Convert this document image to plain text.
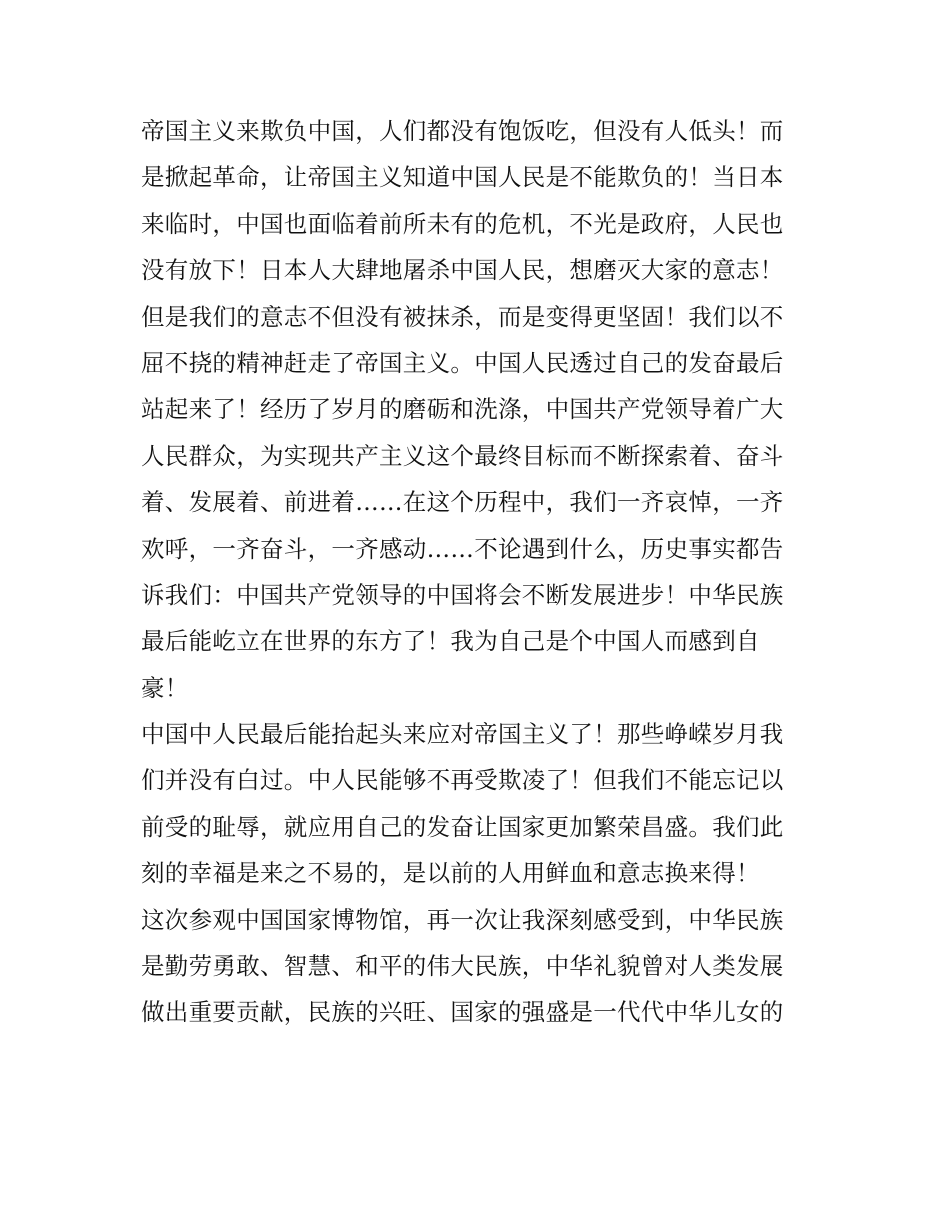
帝国主义来欺负中国，人们都没有饱饭吃，但没有人低头！而
是掀起革命，让帝国主义知道中国人民是不能欺负的！当日本
来临时，中国也面临着前所未有的危机，不光是政府，人民也
没有放下！日本人大肆地屠杀中国人民，想磨灭大家的意志！
但是我们的意志不但没有被抹杀，而是变得更坚固！我们以不
屈不挠的精神赶走了帝国主义。中国人民透过自己的发奋最后
站起来了！经历了岁月的磨砺和洗涤，中国共产党领导着广大
人民群众，为实现共产主义这个最终目标而不断探索着、奋斗
着、发展着、前进着……在这个历程中，我们一齐哀悼，一齐
欢呼，一齐奋斗，一齐感动……不论遇到什么，历史事实都告
诉我们：中国共产党领导的中国将会不断发展进步！中华民族
最后能屹立在世界的东方了！我为自己是个中国人而感到自
豪！
中国中人民最后能抬起头来应对帝国主义了！那些峥嵘岁月我
们并没有白过。中人民能够不再受欺凌了！但我们不能忘记以
前受的耻辱，就应用自己的发奋让国家更加繁荣昌盛。我们此
刻的幸福是来之不易的，是以前的人用鲜血和意志换来得！
这次参观中国国家博物馆，再一次让我深刻感受到，中华民族
是勤劳勇敢、智慧、和平的伟大民族，中华礼貌曾对人类发展
做出重要贡献，民族的兴旺、国家的强盛是一代代中华儿女的
